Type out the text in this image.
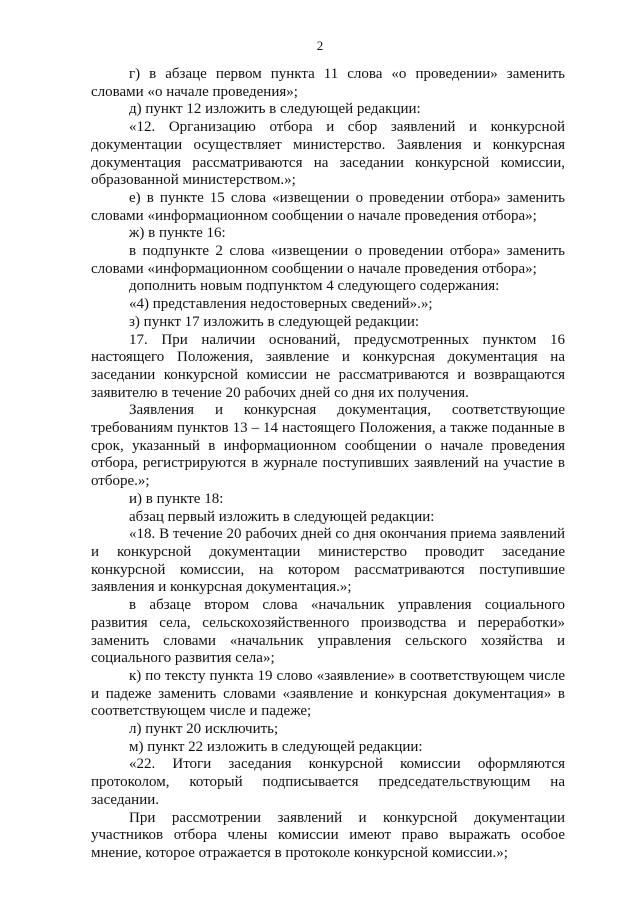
2

г) в абзаце первом пункта 11 слова «о проведении» заменить словами «о начале проведения»;

д) пункт 12 изложить в следующей редакции:

«12. Организацию отбора и сбор заявлений и конкурсной документации осуществляет министерство. Заявления и конкурсная документация рассматриваются на заседании конкурсной комиссии, образованной министерством.»;

е) в пункте 15 слова «извещении о проведении отбора» заменить словами «информационном сообщении о начале проведения отбора»;

ж) в пункте 16:

в подпункте 2 слова «извещении о проведении отбора» заменить словами «информационном сообщении о начале проведения отбора»;

дополнить новым подпунктом 4 следующего содержания:

«4) представления недостоверных сведений».»;

з) пункт 17 изложить в следующей редакции:

17. При наличии оснований, предусмотренных пунктом 16 настоящего Положения, заявление и конкурсная документация на заседании конкурсной комиссии не рассматриваются и возвращаются заявителю в течение 20 рабочих дней со дня их получения.

Заявления и конкурсная документация, соответствующие требованиям пунктов 13 – 14 настоящего Положения, а также поданные в срок, указанный в информационном сообщении о начале проведения отбора, регистрируются в журнале поступивших заявлений на участие в отборе.»;

и) в пункте 18:

абзац первый изложить в следующей редакции:

«18. В течение 20 рабочих дней со дня окончания приема заявлений и конкурсной документации министерство проводит заседание конкурсной комиссии, на котором рассматриваются поступившие заявления и конкурсная документация.»;

в абзаце втором слова «начальник управления социального развития села, сельскохозяйственного производства и переработки» заменить словами «начальник управления сельского хозяйства и социального развития села»;

к) по тексту пункта 19 слово «заявление» в соответствующем числе и падеже заменить словами «заявление и конкурсная документация» в соответствующем числе и падеже;

л) пункт 20 исключить;

м) пункт 22 изложить в следующей редакции:

«22. Итоги заседания конкурсной комиссии оформляются протоколом, который подписывается председательствующим на заседании.

При рассмотрении заявлений и конкурсной документации участников отбора члены комиссии имеют право выражать особое мнение, которое отражается в протоколе конкурсной комиссии.»;
